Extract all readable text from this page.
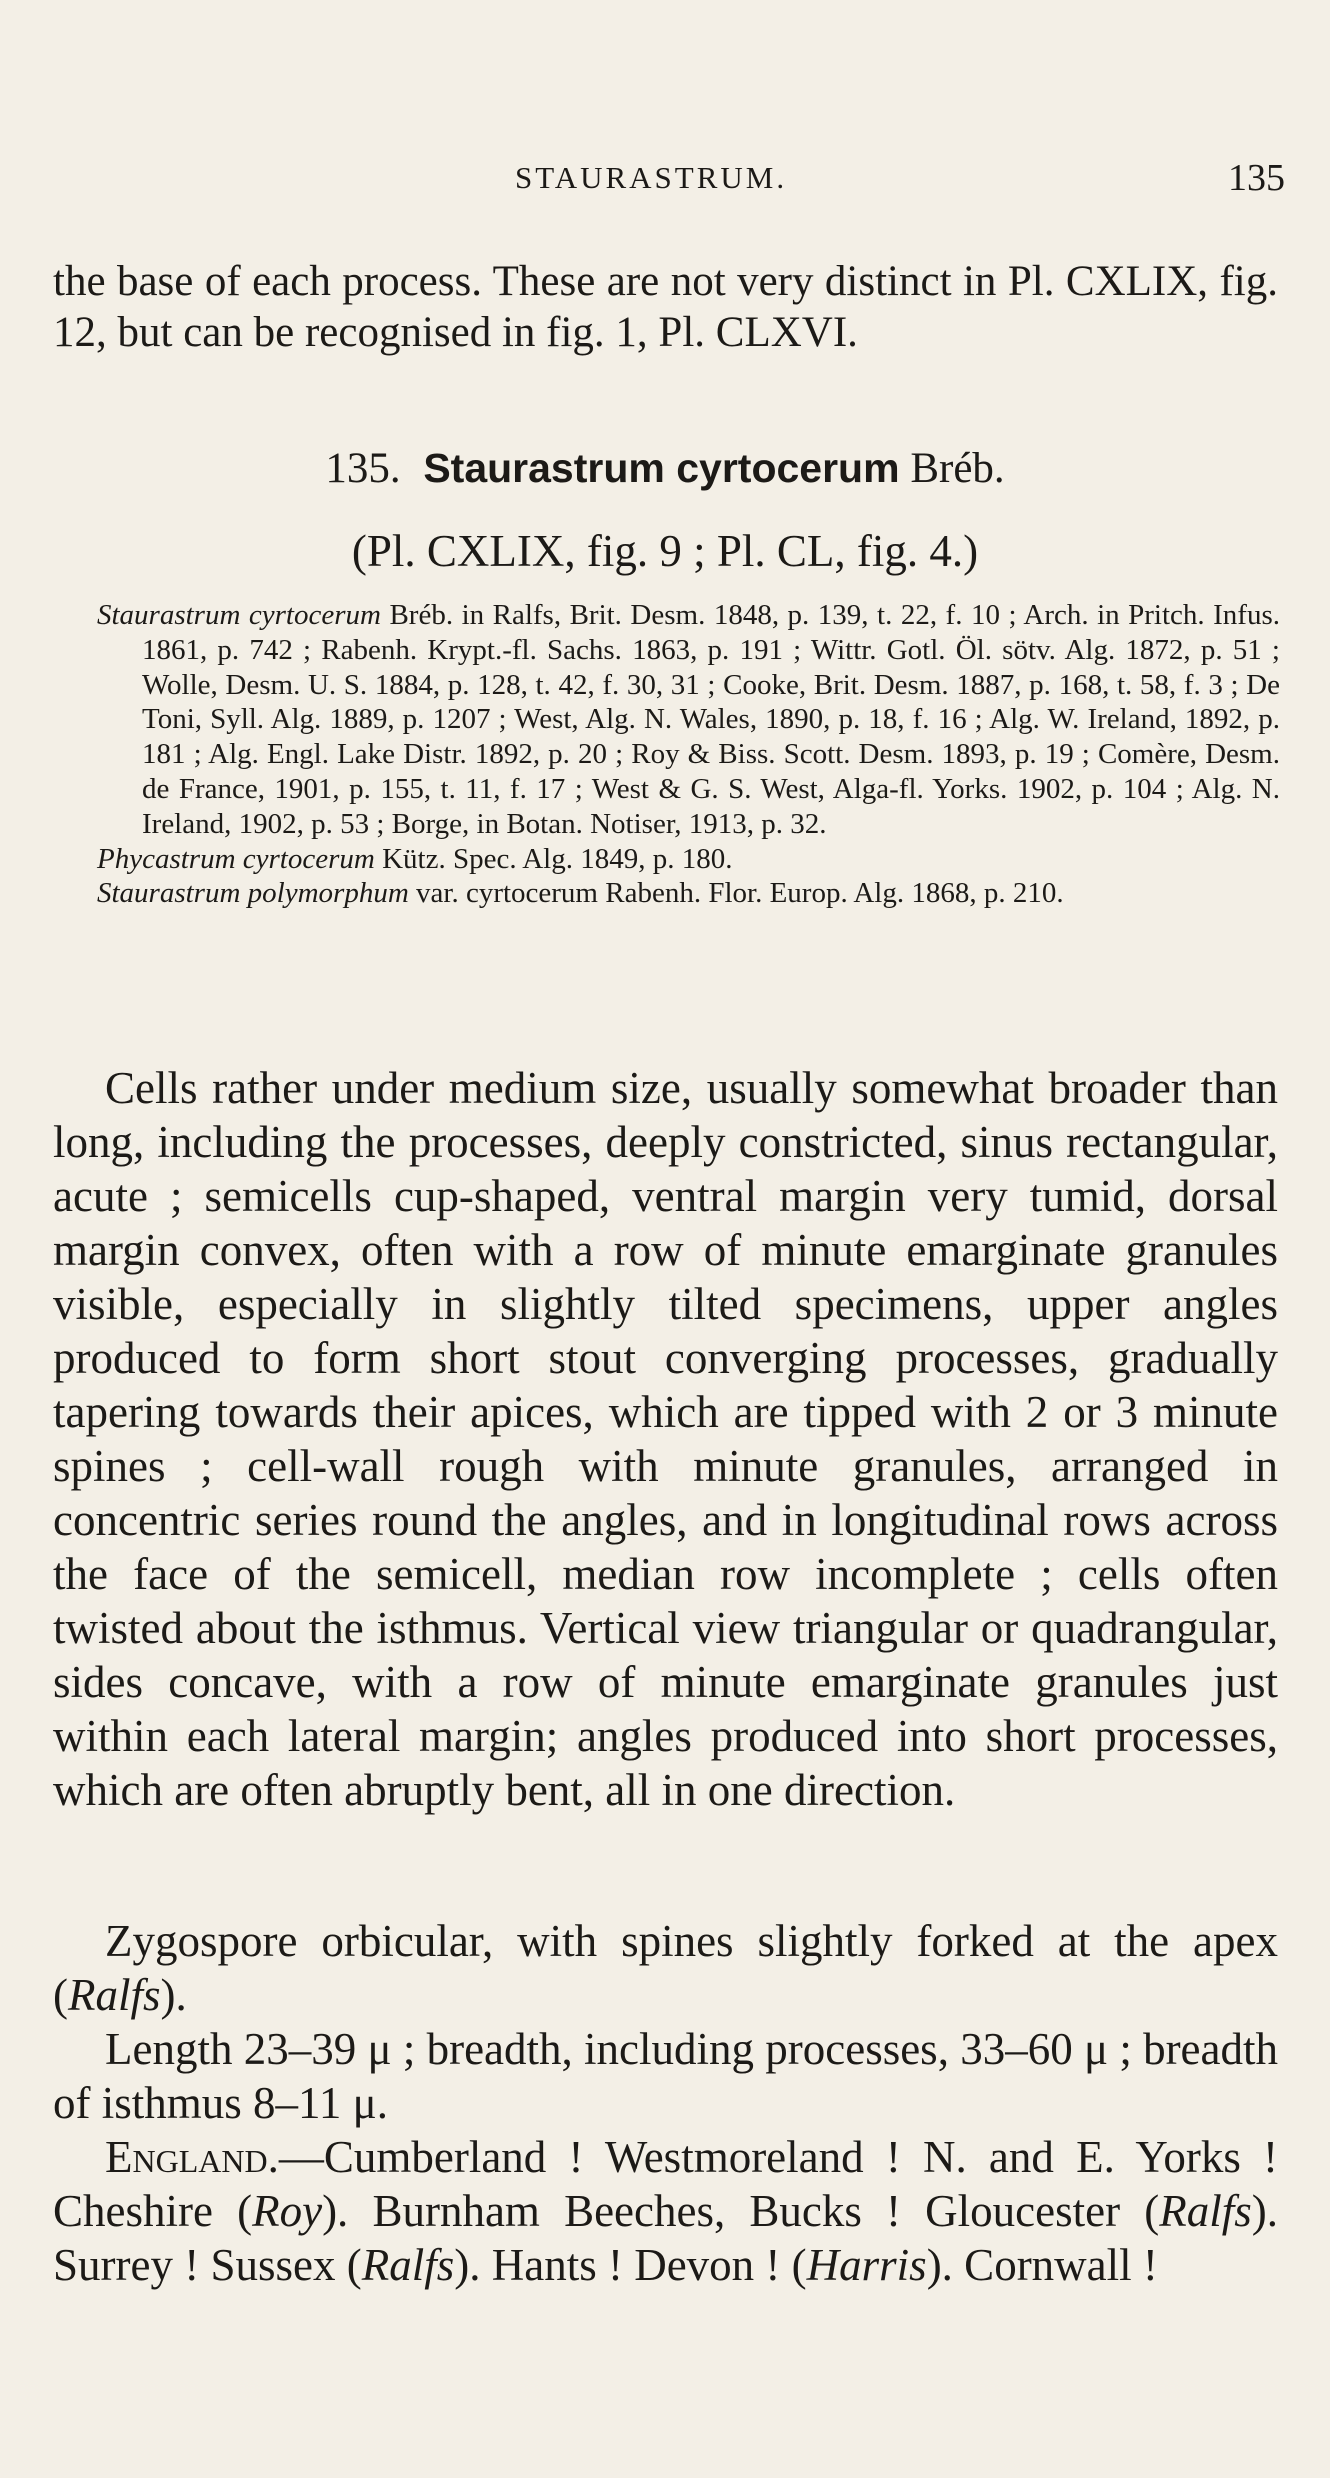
STAURASTRUM.	135

the base of each process. These are not very distinct in Pl. CXLIX, fig. 12, but can be recognised in fig. 1, Pl. CLXVI.

135. Staurastrum cyrtocerum Bréb.
(Pl. CXLIX, fig. 9 ; Pl. CL, fig. 4.)
Staurastrum cyrtocerum Bréb. in Ralfs, Brit. Desm. 1848, p. 139, t. 22, f. 10 ; Arch. in Pritch. Infus. 1861, p. 742 ; Rabenh. Krypt.-fl. Sachs. 1863, p. 191 ; Wittr. Gotl. Öl. sötv. Alg. 1872, p. 51 ; Wolle, Desm. U. S. 1884, p. 128, t. 42, f. 30, 31 ; Cooke, Brit. Desm. 1887, p. 168, t. 58, f. 3 ; De Toni, Syll. Alg. 1889, p. 1207 ; West, Alg. N. Wales, 1890, p. 18, f. 16 ; Alg. W. Ireland, 1892, p. 181 ; Alg. Engl. Lake Distr. 1892, p. 20 ; Roy & Biss. Scott. Desm. 1893, p. 19 ; Comère, Desm. de France, 1901, p. 155, t. 11, f. 17 ; West & G. S. West, Alga-fl. Yorks. 1902, p. 104 ; Alg. N. Ireland, 1902, p. 53 ; Borge, in Botan. Notiser, 1913, p. 32.
Phycastrum cyrtocerum Kütz. Spec. Alg. 1849, p. 180.
Staurastrum polymorphum var. cyrtocerum Rabenh. Flor. Europ. Alg. 1868, p. 210.

Cells rather under medium size, usually somewhat broader than long, including the processes, deeply constricted, sinus rectangular, acute ; semicells cup-shaped, ventral margin very tumid, dorsal margin convex, often with a row of minute emarginate granules visible, especially in slightly tilted specimens, upper angles produced to form short stout converging processes, gradually tapering towards their apices, which are tipped with 2 or 3 minute spines ; cell-wall rough with minute granules, arranged in concentric series round the angles, and in longitudinal rows across the face of the semicell, median row incomplete ; cells often twisted about the isthmus. Vertical view triangular or quadrangular, sides concave, with a row of minute emarginate granules just within each lateral margin; angles produced into short processes, which are often abruptly bent, all in one direction.

Zygospore orbicular, with spines slightly forked at the apex (Ralfs).

Length 23–39 μ ; breadth, including processes, 33–60 μ ; breadth of isthmus 8–11 μ.

England.—Cumberland ! Westmoreland ! N. and E. Yorks ! Cheshire (Roy). Burnham Beeches, Bucks ! Gloucester (Ralfs). Surrey ! Sussex (Ralfs). Hants ! Devon ! (Harris). Cornwall !
